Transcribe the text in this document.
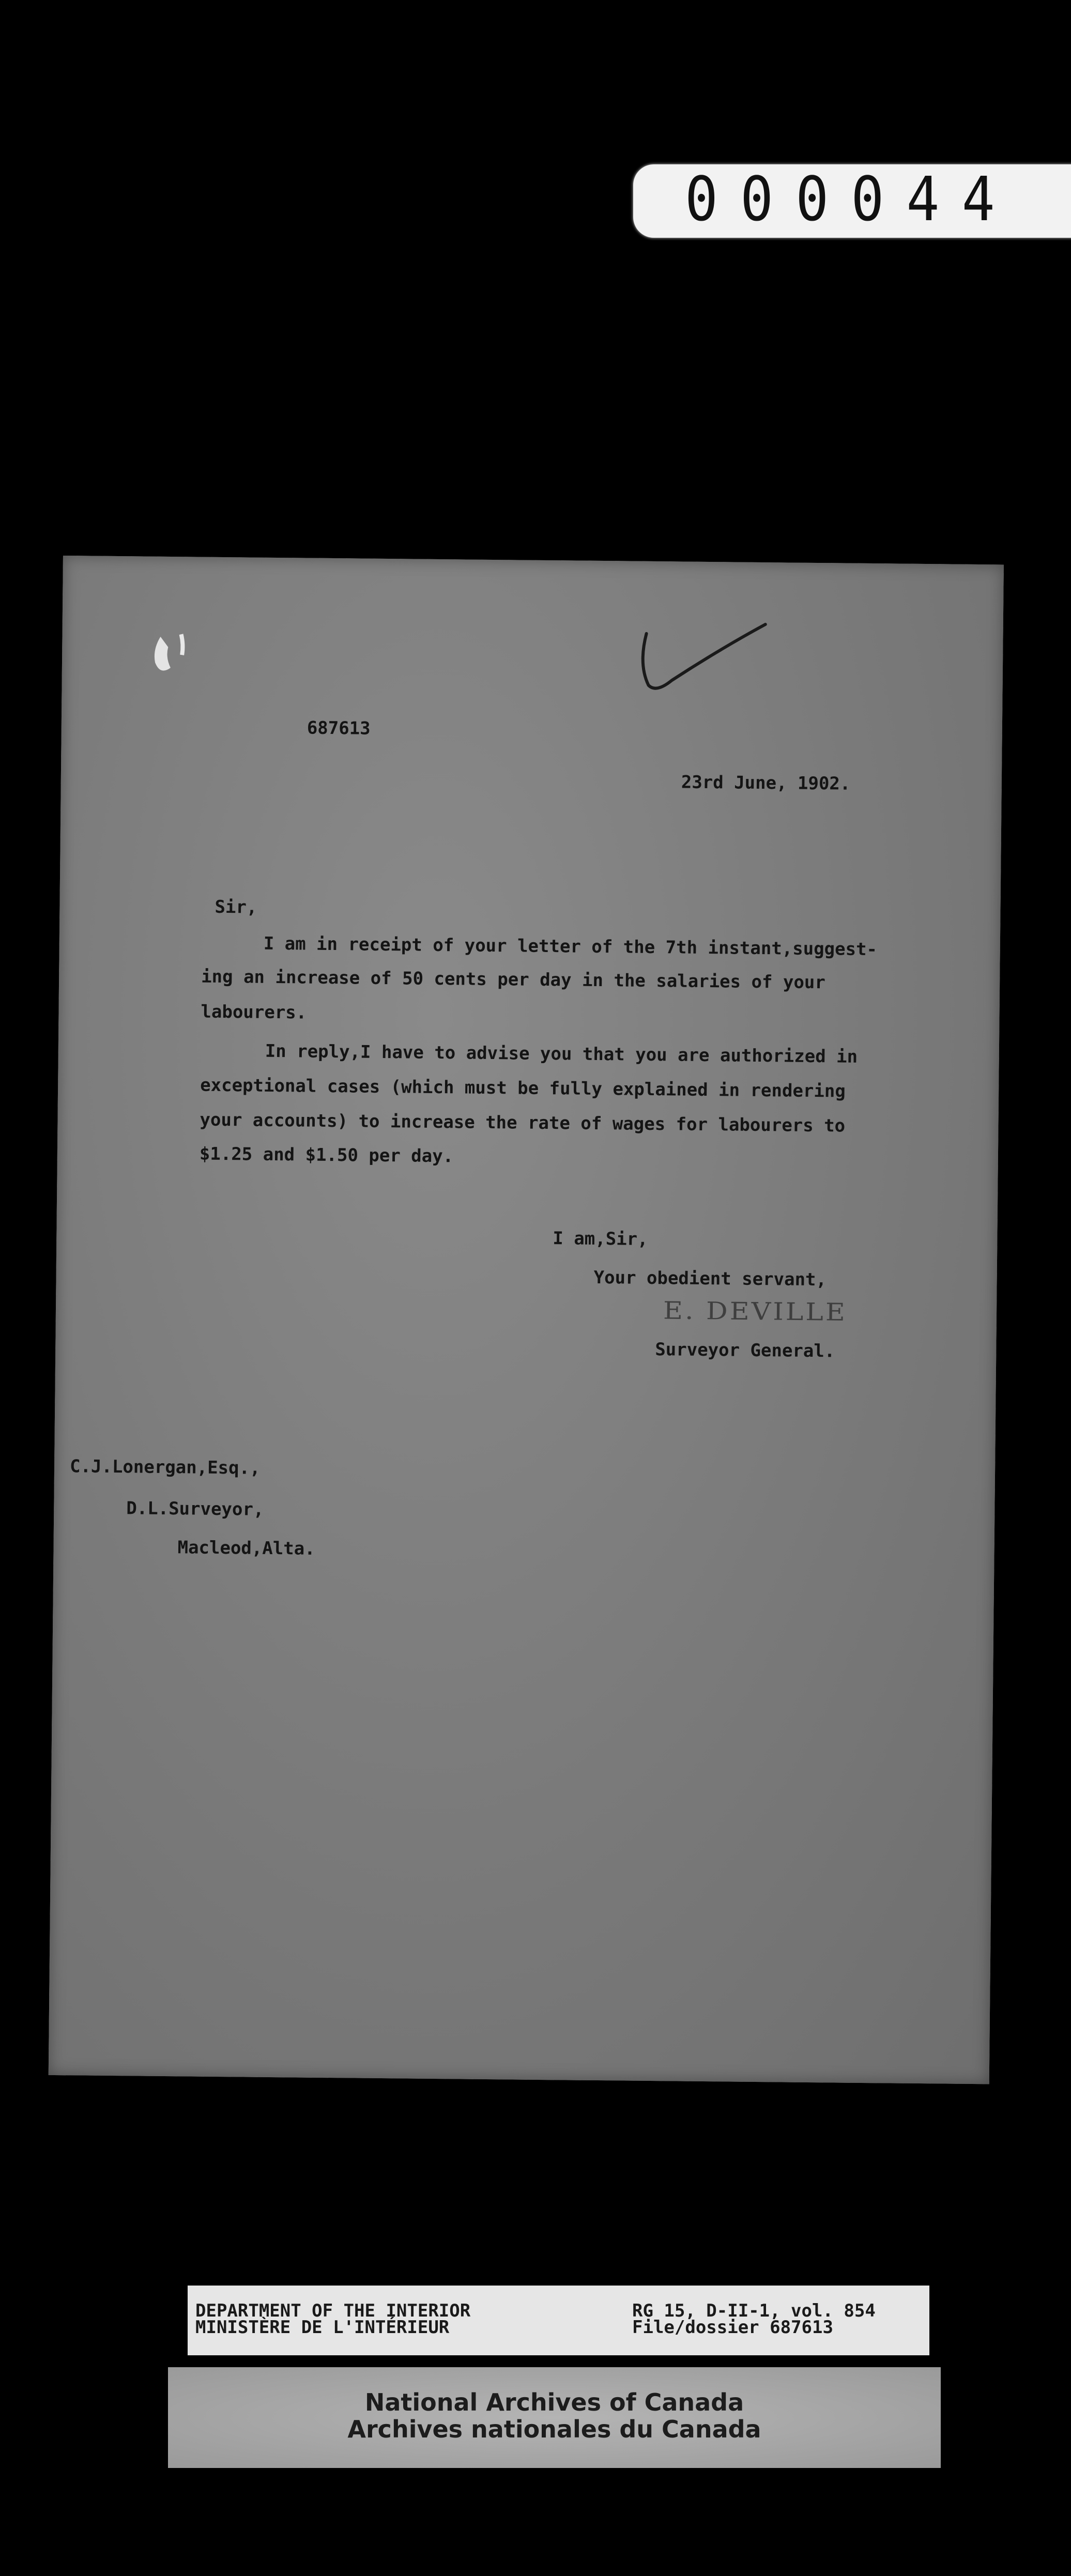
000044
687613
23rd June, 1902.
Sir,
I am in receipt of your letter of the 7th instant,suggest-
ing an increase of 50 cents per day in the salaries of your
labourers.
In reply,I have to advise you that you are authorized in
exceptional cases (which must be fully explained in rendering
your accounts) to increase the rate of wages for labourers to
$1.25 and $1.50 per day.
I am,Sir,
Your obedient servant,
E. DEVILLE
Surveyor General.
C.J.Lonergan,Esq.,
D.L.Surveyor,
Macleod,Alta.
DEPARTMENT OF THE INTERIOR
MINISTÈRE DE L'INTÉRIEUR
RG 15, D-II-1, vol. 854
File/dossier 687613
National Archives of Canada
Archives nationales du Canada
